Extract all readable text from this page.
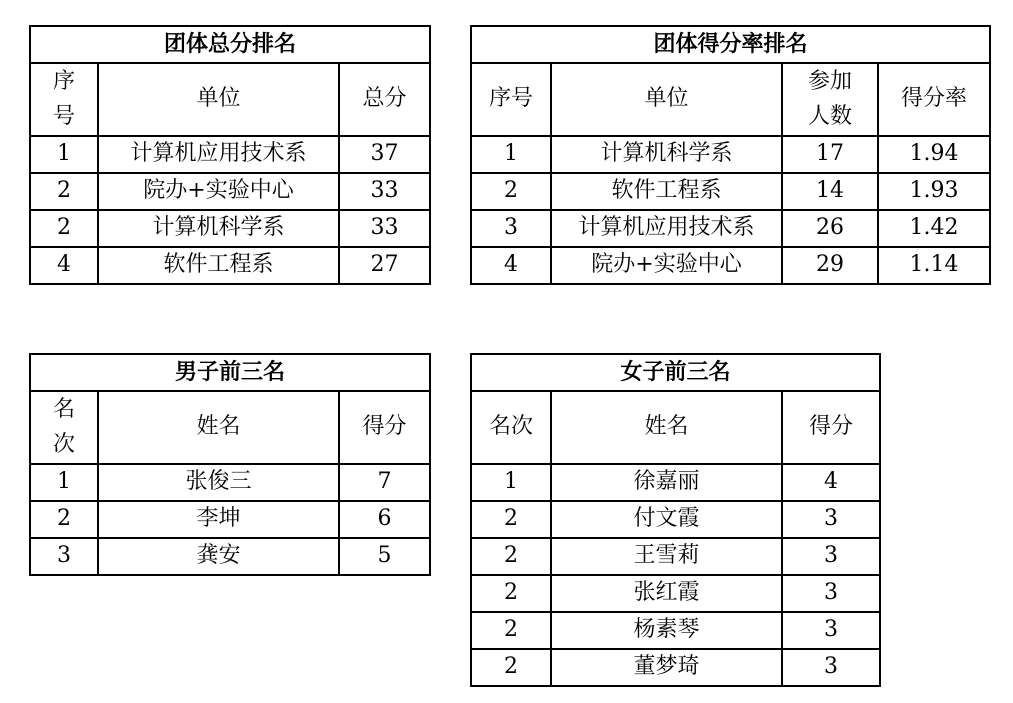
团体总分排名		

序
号	单位	总分
1	计算机应用技术系	37
2	院办+实验中心	33
2	计算机科学系	33
4	软件工程系	27
团体得分率排名			
序号	单位	参加
人数	得分率
1	计算机科学系	17	1.94
2	软件工程系	14	1.93
3	计算机应用技术系	26	1.42
4	院办+实验中心	29	1.14
男子前三名		

名
次	姓名	得分
1	张俊三	7
2	李坤	6
3	龚安	5
女子前三名		
名次	姓名	得分
1	徐嘉丽	4
2	付文霞	3
2	王雪莉	3
2	张红霞	3
2	杨素琴	3
2	董梦琦	3
